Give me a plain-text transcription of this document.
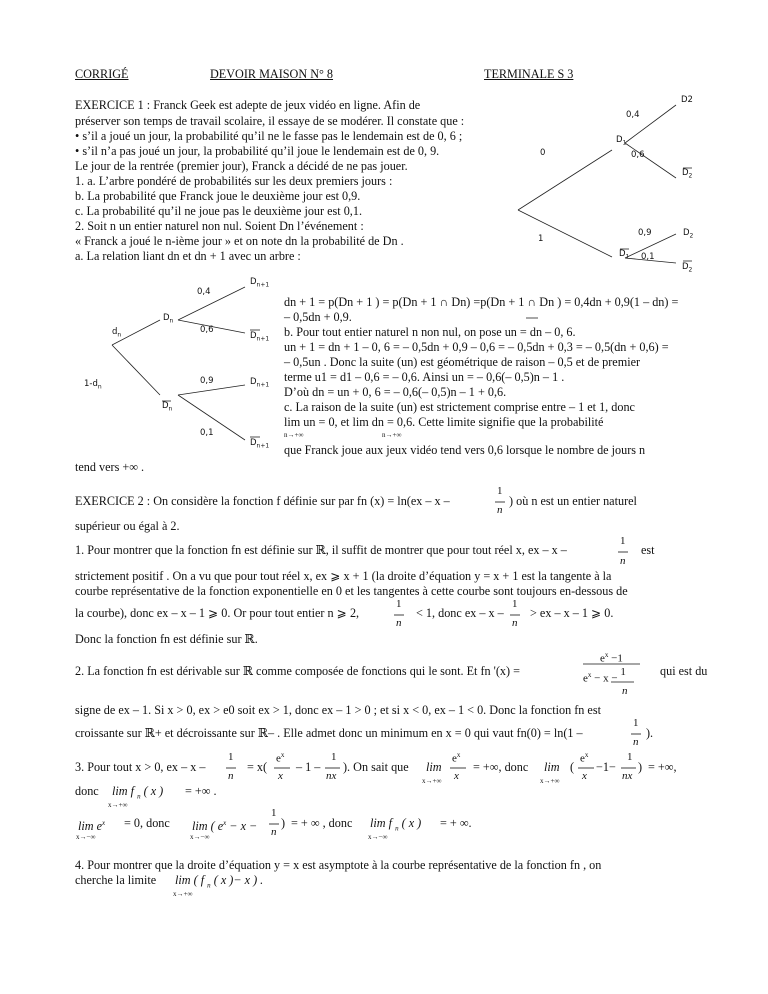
CORRIGÉ	DEVOIR MAISON N° 8	TERMINALE S 3
EXERCICE 1 : Franck Geek est adepte de jeux vidéo en ligne. Afin de
préserver son temps de travail scolaire, il essaye de se modérer. Il constate que :
• s’il a joué un jour, la probabilité qu’il ne le fasse pas le lendemain est de 0, 6 ;
• s’il n’a pas joué un jour, la probabilité qu’il joue le lendemain est de 0, 9.
Le jour de la rentrée (premier jour), Franck a décidé de ne pas jouer.
1. a. L’arbre pondéré de probabilités sur les deux premiers jours :
b. La probabilité que Franck joue le deuxième jour est 0,9.
c. La probabilité qu’il ne joue pas le deuxième jour est 0,1.
2. Soit n un entier naturel non nul. Soient Dn l’événement :
« Franck a joué le n-ième jour » et on note dn la probabilité de Dn .
a. La relation liant dn et dn + 1 avec un arbre :
D2
0,4
$D_1$
0	0,6
$D_2$
0,9	$D_2$
1
$D_1$ 0,1
$D_2$
$D_{n+1}$
0,4
$D_n$
0,6
$D_{n+1}$
$d_n$
0,9	$D_{n+1}$
$1-d_n$
$D_n$
0,1
$D_{n+1}$
dn + 1 = p(Dn + 1 ) = p(Dn + 1 ∩ Dn) =p(Dn + 1 ∩ Dn ) = 0,4dn + 0,9(1 – dn) =
– 0,5dn + 0,9.
b. Pour tout entier naturel n non nul, on pose un = dn – 0, 6.
un + 1 = dn + 1 – 0, 6 = – 0,5dn + 0,9 – 0,6 = – 0,5dn + 0,3 = – 0,5(dn + 0,6) =
– 0,5un . Donc la suite (un) est géométrique de raison – 0,5 et de premier
terme u1 = d1 – 0,6 = – 0,6. Ainsi un = – 0,6(– 0,5)n – 1 .
D’où dn = un + 0, 6 = – 0,6(– 0,5)n – 1 + 0,6.
c. La raison de la suite (un) est strictement comprise entre – 1 et 1, donc
lim un = 0, et lim dn = 0,6. Cette limite signifie que la probabilité
que Franck joue aux jeux vidéo tend vers 0,6 lorsque le nombre de jours n
n→+∞	n→+∞
tend vers +∞ .
EXERCICE 2 : On considère la fonction f définie sur par fn (x) = ln(ex – x –
1
n
) où n est un entier naturel
supérieur ou égal à 2.
1. Pour montrer que la fonction fn est définie sur ℝ, il suffit de montrer que pour tout réel x, ex – x –
1
n
est
strictement positif . On a vu que pour tout réel x, ex ⩾ x + 1 (la droite d’équation y = x + 1 est la tangente à la
courbe représentative de la fonction exponentielle en 0 et les tangentes à cette courbe sont toujours en-dessous de
la courbe), donc ex – x – 1 ⩾ 0. Or pour tout entier n ⩾ 2,
1
n
< 1, donc ex – x –
1
n
> ex – x – 1 ⩾ 0.
Donc la fonction fn est définie sur ℝ.
2. La fonction fn est dérivable sur ℝ comme composée de fonctions qui le sont. Et fn '(x) =
$e^x -1$
$e^x - x - 1$
n
qui est du
signe de ex – 1. Si x > 0, ex > e0 soit ex > 1, donc ex – 1 > 0 ; et si x < 0, ex – 1 < 0. Donc la fonction fn est
croissante sur ℝ+ et décroissante sur ℝ– . Elle admet donc un minimum en x = 0 qui vaut fn(0) = ln(1 –
1
n
).
3. Pour tout x > 0, ex – x –
1
n
= x(
$e^x$
x
– 1 –
1
nx
). On sait que lim
x→+∞
$e^x$
x
= +∞, donc lim
x→+∞
(
$e^x$
x
−1−
1
nx
) = +∞,
donc lim f $_n$ ( x )
x→+∞
= +∞ .
$\lim e^x$
x→−∞
= 0, donc lim ( $e^x - x$ −
x→−∞
1
n
) = + ∞ , donc lim f $_n$ ( x )
x→−∞
= + ∞.
4. Pour montrer que la droite d’équation y = x est asymptote à la courbe représentative de la fonction fn , on
cherche la limite lim ( f $_n$ ( x )− x ) .
x→+∞
